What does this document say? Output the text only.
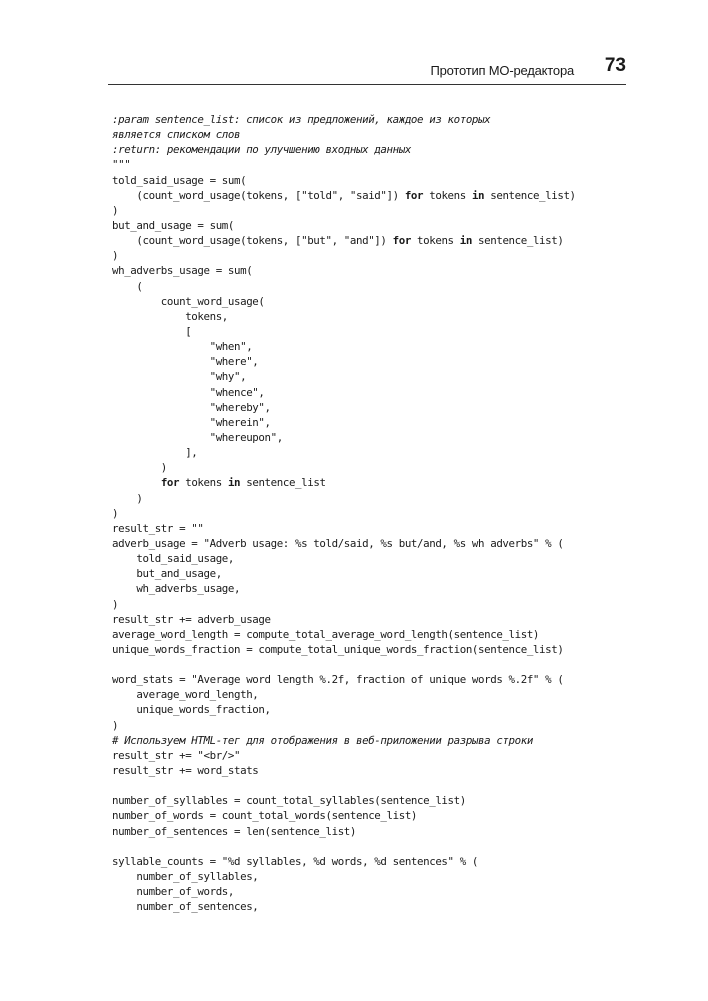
Прототип МО-редактора 73
:param sentence_list: список из предложений, каждое из которых
является списком слов
:return: рекомендации по улучшению входных данных
"""
told_said_usage = sum(
(count_word_usage(tokens, ["told", "said"]) for tokens in sentence_list)
)
but_and_usage = sum(
(count_word_usage(tokens, ["but", "and"]) for tokens in sentence_list)
)
wh_adverbs_usage = sum(
(
count_word_usage(
tokens,
[
"when",
"where",
"why",
"whence",
"whereby",
"wherein",
"whereupon",
],
)
for tokens in sentence_list
)
)
result_str = ""
adverb_usage = "Adverb usage: %s told/said, %s but/and, %s wh adverbs" % (
told_said_usage,
but_and_usage,
wh_adverbs_usage,
)
result_str += adverb_usage
average_word_length = compute_total_average_word_length(sentence_list)
unique_words_fraction = compute_total_unique_words_fraction(sentence_list)
word_stats = "Average word length %.2f, fraction of unique words %.2f" % (
average_word_length,
unique_words_fraction,
)
# Используем HTML-тег для отображения в веб-приложении разрыва строки
result_str += "<br/>"
result_str += word_stats
number_of_syllables = count_total_syllables(sentence_list)
number_of_words = count_total_words(sentence_list)
number_of_sentences = len(sentence_list)
syllable_counts = "%d syllables, %d words, %d sentences" % (
number_of_syllables,
number_of_words,
number_of_sentences,
